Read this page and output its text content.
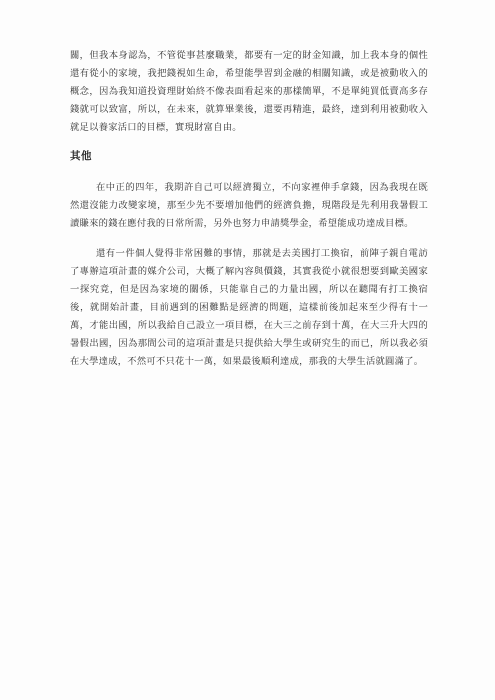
關，但我本身認為，不管從事甚麼職業，都要有一定的財金知識，加上我本身的個性還有從小的家境，我把錢視如生命，希望能學習到金融的相關知識，或是被動收入的概念，因為我知道投資理財始終不像表面看起來的那樣簡單，不是單純買低賣高多存錢就可以致富，所以，在未來，就算畢業後，還要再精進，最終，達到利用被動收入就足以養家活口的目標，實現財富自由。

其他

在中正的四年，我期許自己可以經濟獨立，不向家裡伸手拿錢，因為我現在既然還沒能力改變家境，那至少先不要增加他們的經濟負擔，現階段是先利用我暑假工讀賺來的錢在應付我的日常所需，另外也努力申請獎學金，希望能成功達成目標。

還有一件個人覺得非常困難的事情，那就是去美國打工換宿，前陣子親自電訪了專辦這項計畫的媒介公司，大概了解內容與價錢，其實我從小就很想要到歐美國家一探究竟，但是因為家境的關係，只能靠自己的力量出國，所以在聽聞有打工換宿後，就開始計畫，目前遇到的困難點是經濟的問題，這樣前後加起來至少得有十一萬，才能出國，所以我給自己設立一項目標，在大三之前存到十萬，在大三升大四的暑假出國，因為那間公司的這項計畫是只提供給大學生或研究生的而已，所以我必須在大學達成，不然可不只花十一萬，如果最後順利達成，那我的大學生活就圓滿了。
